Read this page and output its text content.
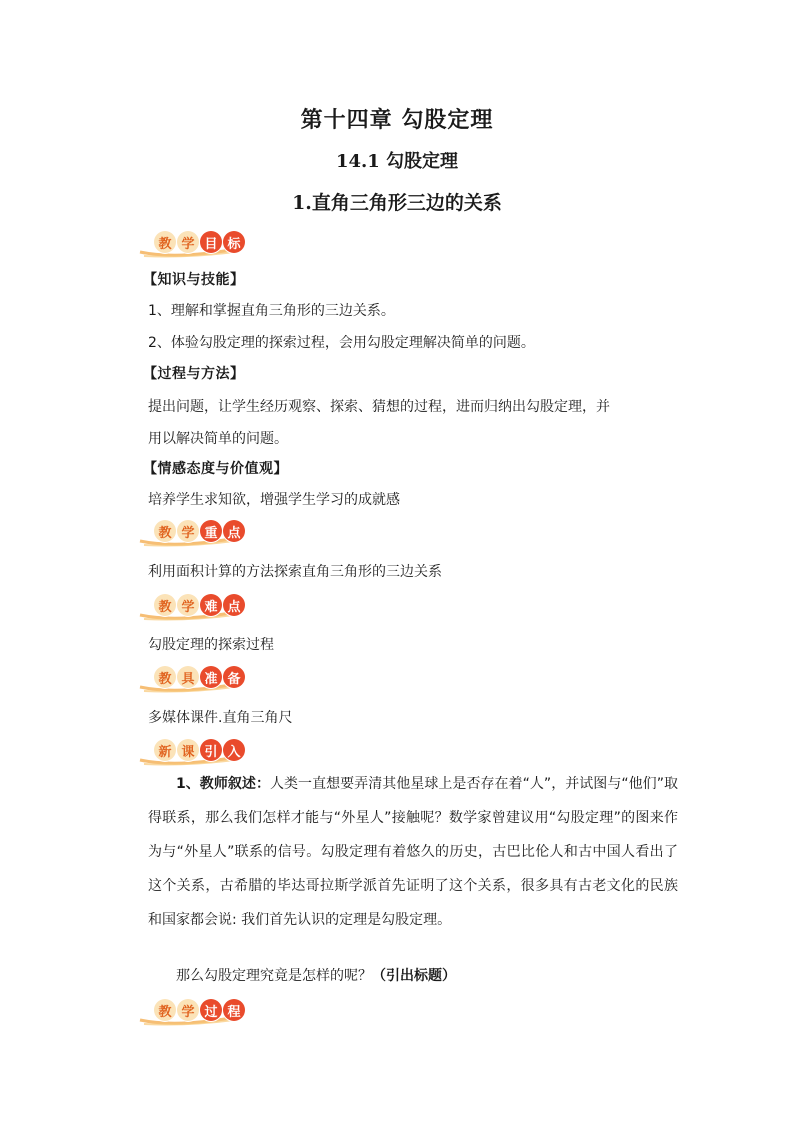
第十四章 勾股定理
14.1 勾股定理
1.直角三角形三边的关系
教 学 目 标
【知识与技能】
1、理解和掌握直角三角形的三边关系。
2、体验勾股定理的探索过程，会用勾股定理解决简单的问题。
【过程与方法】
提出问题，让学生经历观察、探索、猜想的过程，进而归纳出勾股定理，并
用以解决简单的问题。
【情感态度与价值观】
培养学生求知欲，增强学生学习的成就感
教 学 重 点
利用面积计算的方法探索直角三角形的三边关系
教 学 难 点
勾股定理的探索过程
教 具 准 备
多媒体课件.直角三角尺
新 课 引 入
1、教师叙述：人类一直想要弄清其他星球上是否存在着“人”，并试图与“他们”取得联系，那么我们怎样才能与“外星人”接触呢？数学家曾建议用“勾股定理”的图来作为与“外星人”联系的信号。勾股定理有着悠久的历史，古巴比伦人和古中国人看出了这个关系，古希腊的毕达哥拉斯学派首先证明了这个关系，很多具有古老文化的民族和国家都会说: 我们首先认识的定理是勾股定理。
那么勾股定理究竟是怎样的呢？（引出标题）
教 学 过 程
